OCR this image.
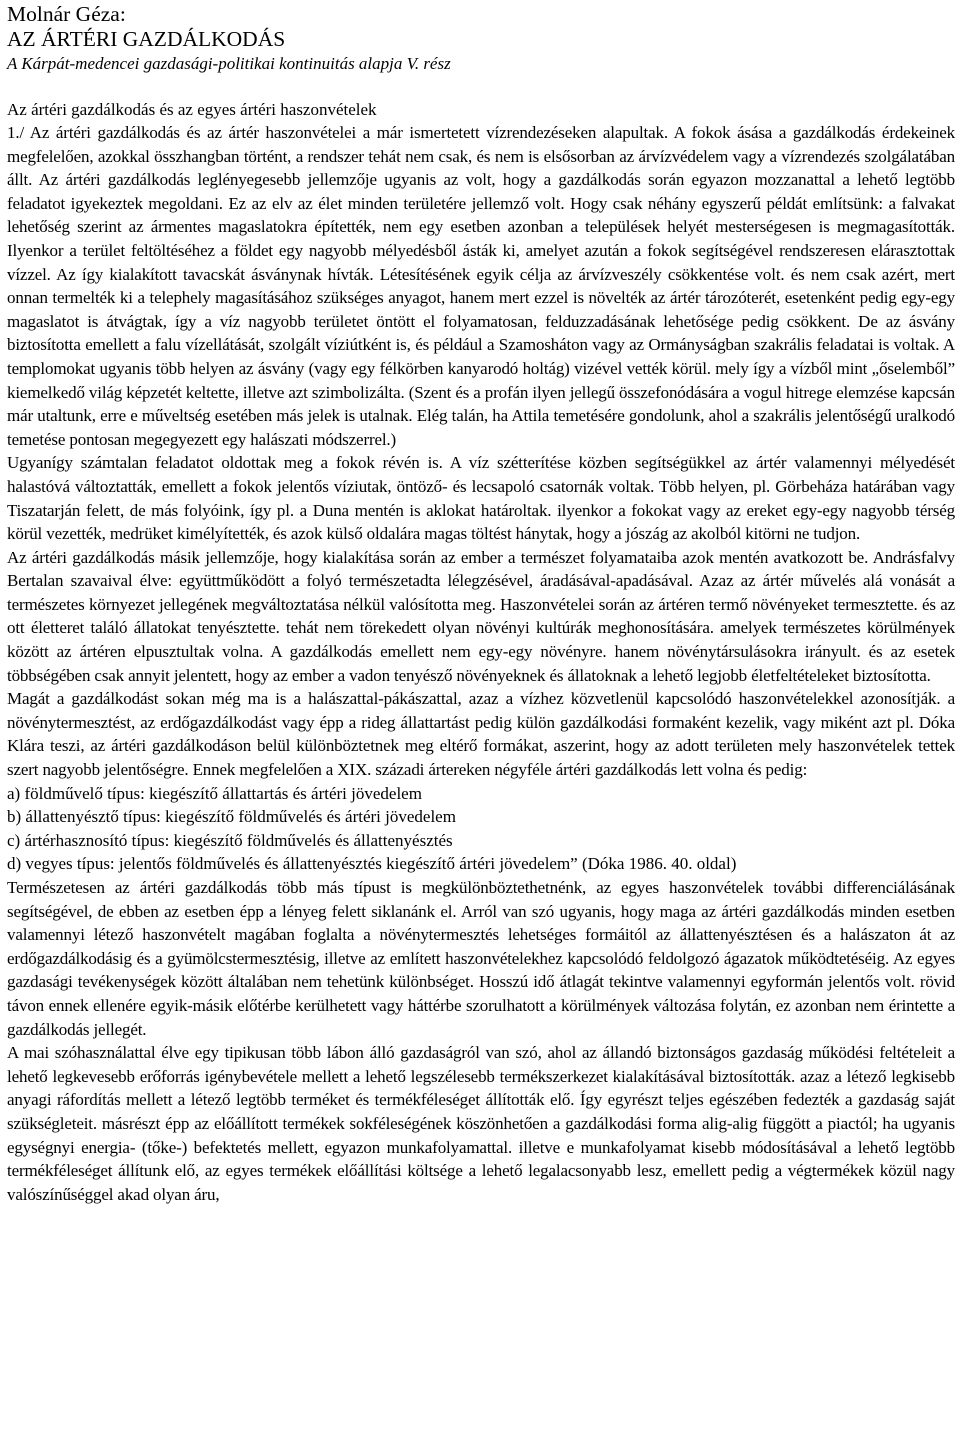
Molnár Géza:
AZ ÁRTÉRI GAZDÁLKODÁS
A Kárpát-medencei gazdasági-politikai kontinuitás alapja V. rész
Az ártéri gazdálkodás és az egyes ártéri haszonvételek

1./ Az ártéri gazdálkodás és az ártér haszonvételei a már ismertetett vízrendezéseken alapultak. A fokok ásása a gazdálkodás érdekeinek megfelelően, azokkal összhangban történt, a rendszer tehát nem csak, és nem is elsősorban az árvízvédelem vagy a vízrendezés szolgálatában állt. Az ártéri gazdálkodás leglényegesebb jellemzője ugyanis az volt, hogy a gazdálkodás során egyazon mozzanattal a lehető legtöbb feladatot igyekeztek megoldani. Ez az elv az élet minden területére jellemző volt. Hogy csak néhány egyszerű példát említsünk: a falvakat lehetőség szerint az ármentes magaslatokra építették, nem egy esetben azonban a települések helyét mesterségesen is megmagasították. Ilyenkor a terület feltöltéséhez a földet egy nagyobb mélyedésből ásták ki, amelyet azután a fokok segítségével rendszeresen elárasztottak vízzel. Az így kialakított tavacskát ásványnak hívták. Létesítésének egyik célja az árvízveszély csökkentése volt. és nem csak azért, mert onnan termelték ki a telephely magasításához szükséges anyagot, hanem mert ezzel is növelték az ártér tározóterét, esetenként pedig egy-egy magaslatot is átvágtak, így a víz nagyobb területet öntött el folyamatosan, felduzzadásának lehetősége pedig csökkent. De az ásvány biztosította emellett a falu vízellátását, szolgált víziútként is, és például a Szamosháton vagy az Ormányságban szakrális feladatai is voltak. A templomokat ugyanis több helyen az ásvány (vagy egy félkörben kanyarodó holtág) vizével vették körül. mely így a vízből mint „őselemből” kiemelkedő világ képzetét keltette, illetve azt szimbolizálta. (Szent és a profán ilyen jellegű összefonódására a vogul hitrege elemzése kapcsán már utaltunk, erre e műveltség esetében más jelek is utalnak. Elég talán, ha Attila temetésére gondolunk, ahol a szakrális jelentőségű uralkodó temetése pontosan megegyezett egy halászati módszerrel.)

Ugyanígy számtalan feladatot oldottak meg a fokok révén is. A víz szétterítése közben segítségükkel az ártér valamennyi mélyedését halastóvá változtatták, emellett a fokok jelentős víziutak, öntöző- és lecsapoló csatornák voltak. Több helyen, pl. Görbeháza határában vagy Tiszatarján felett, de más folyóink, így pl. a Duna mentén is aklokat határoltak. ilyenkor a fokokat vagy az ereket egy-egy nagyobb térség körül vezették, medrüket kimélyítették, és azok külső oldalára magas töltést hánytak, hogy a jószág az akolból kitörni ne tudjon.

Az ártéri gazdálkodás másik jellemzője, hogy kialakítása során az ember a természet folyamataiba azok mentén avatkozott be. Andrásfalvy Bertalan szavaival élve: együttműködött a folyó természetadta lélegzésével, áradásával-apadásával. Azaz az ártér művelés alá vonását a természetes környezet jellegének megváltoztatása nélkül valósította meg. Haszonvételei során az ártéren termő növényeket termesztette. és az ott életteret találó állatokat tenyésztette. tehát nem törekedett olyan növényi kultúrák meghonosítására. amelyek természetes körülmények között az ártéren elpusztultak volna. A gazdálkodás emellett nem egy-egy növényre. hanem növénytársulásokra irányult. és az esetek többségében csak annyit jelentett, hogy az ember a vadon tenyésző növényeknek és állatoknak a lehető legjobb életfeltételeket biztosította.

Magát a gazdálkodást sokan még ma is a halászattal-pákászattal, azaz a vízhez közvetlenül kapcsolódó haszonvételekkel azonosítják. a növénytermesztést, az erdőgazdálkodást vagy épp a rideg állattartást pedig külön gazdálkodási formaként kezelik, vagy miként azt pl. Dóka Klára teszi, az ártéri gazdálkodáson belül különböztetnek meg eltérő formákat, aszerint, hogy az adott területen mely haszonvételek tettek szert nagyobb jelentőségre. Ennek megfelelően a XIX. századi ártereken négyféle ártéri gazdálkodás lett volna és pedig:

a) földművelő típus: kiegészítő állattartás és ártéri jövedelem
b) állattenyésztő típus: kiegészítő földművelés és ártéri jövedelem
c) ártérhasznosító típus: kiegészítő földművelés és állattenyésztés
d) vegyes típus: jelentős földművelés és állattenyésztés kiegészítő ártéri jövedelem” (Dóka 1986. 40. oldal)

Természetesen az ártéri gazdálkodás több más típust is megkülönböztethetnénk, az egyes haszonvételek további differenciálásának segítségével, de ebben az esetben épp a lényeg felett siklanánk el. Arról van szó ugyanis, hogy maga az ártéri gazdálkodás minden esetben valamennyi létező haszonvételt magában foglalta a növénytermesztés lehetséges formáitól az állattenyésztésen és a halászaton át az erdőgazdálkodásig és a gyümölcstermesztésig, illetve az említett haszonvételekhez kapcsolódó feldolgozó ágazatok működtetéséig. Az egyes gazdasági tevékenységek között általában nem tehetünk különbséget. Hosszú idő átlagát tekintve valamennyi egyformán jelentős volt. rövid távon ennek ellenére egyik-másik előtérbe kerülhetett vagy háttérbe szorulhatott a körülmények változása folytán, ez azonban nem érintette a gazdálkodás jellegét.

A mai szóhasználattal élve egy tipikusan több lábon álló gazdaságról van szó, ahol az állandó biztonságos gazdaság működési feltételeit a lehető legkevesebb erőforrás igénybevétele mellett a lehető legszélesebb termékszerkezet kialakításával biztosították. azaz a létező legkisebb anyagi ráfordítás mellett a létező legtöbb terméket és termékféleséget állították elő. Így egyrészt teljes egészében fedezték a gazdaság saját szükségleteit. másrészt épp az előállított termékek sokféleségének köszönhetően a gazdálkodási forma alig-alig függött a piactól; ha ugyanis egységnyi energia- (tőke-) befektetés mellett, egyazon munkafolyamattal. illetve e munkafolyamat kisebb módosításával a lehető legtöbb termékféleséget állítunk elő, az egyes termékek előállítási költsége a lehető legalacsonyabb lesz, emellett pedig a végtermékek közül nagy valószínűséggel akad olyan áru,
